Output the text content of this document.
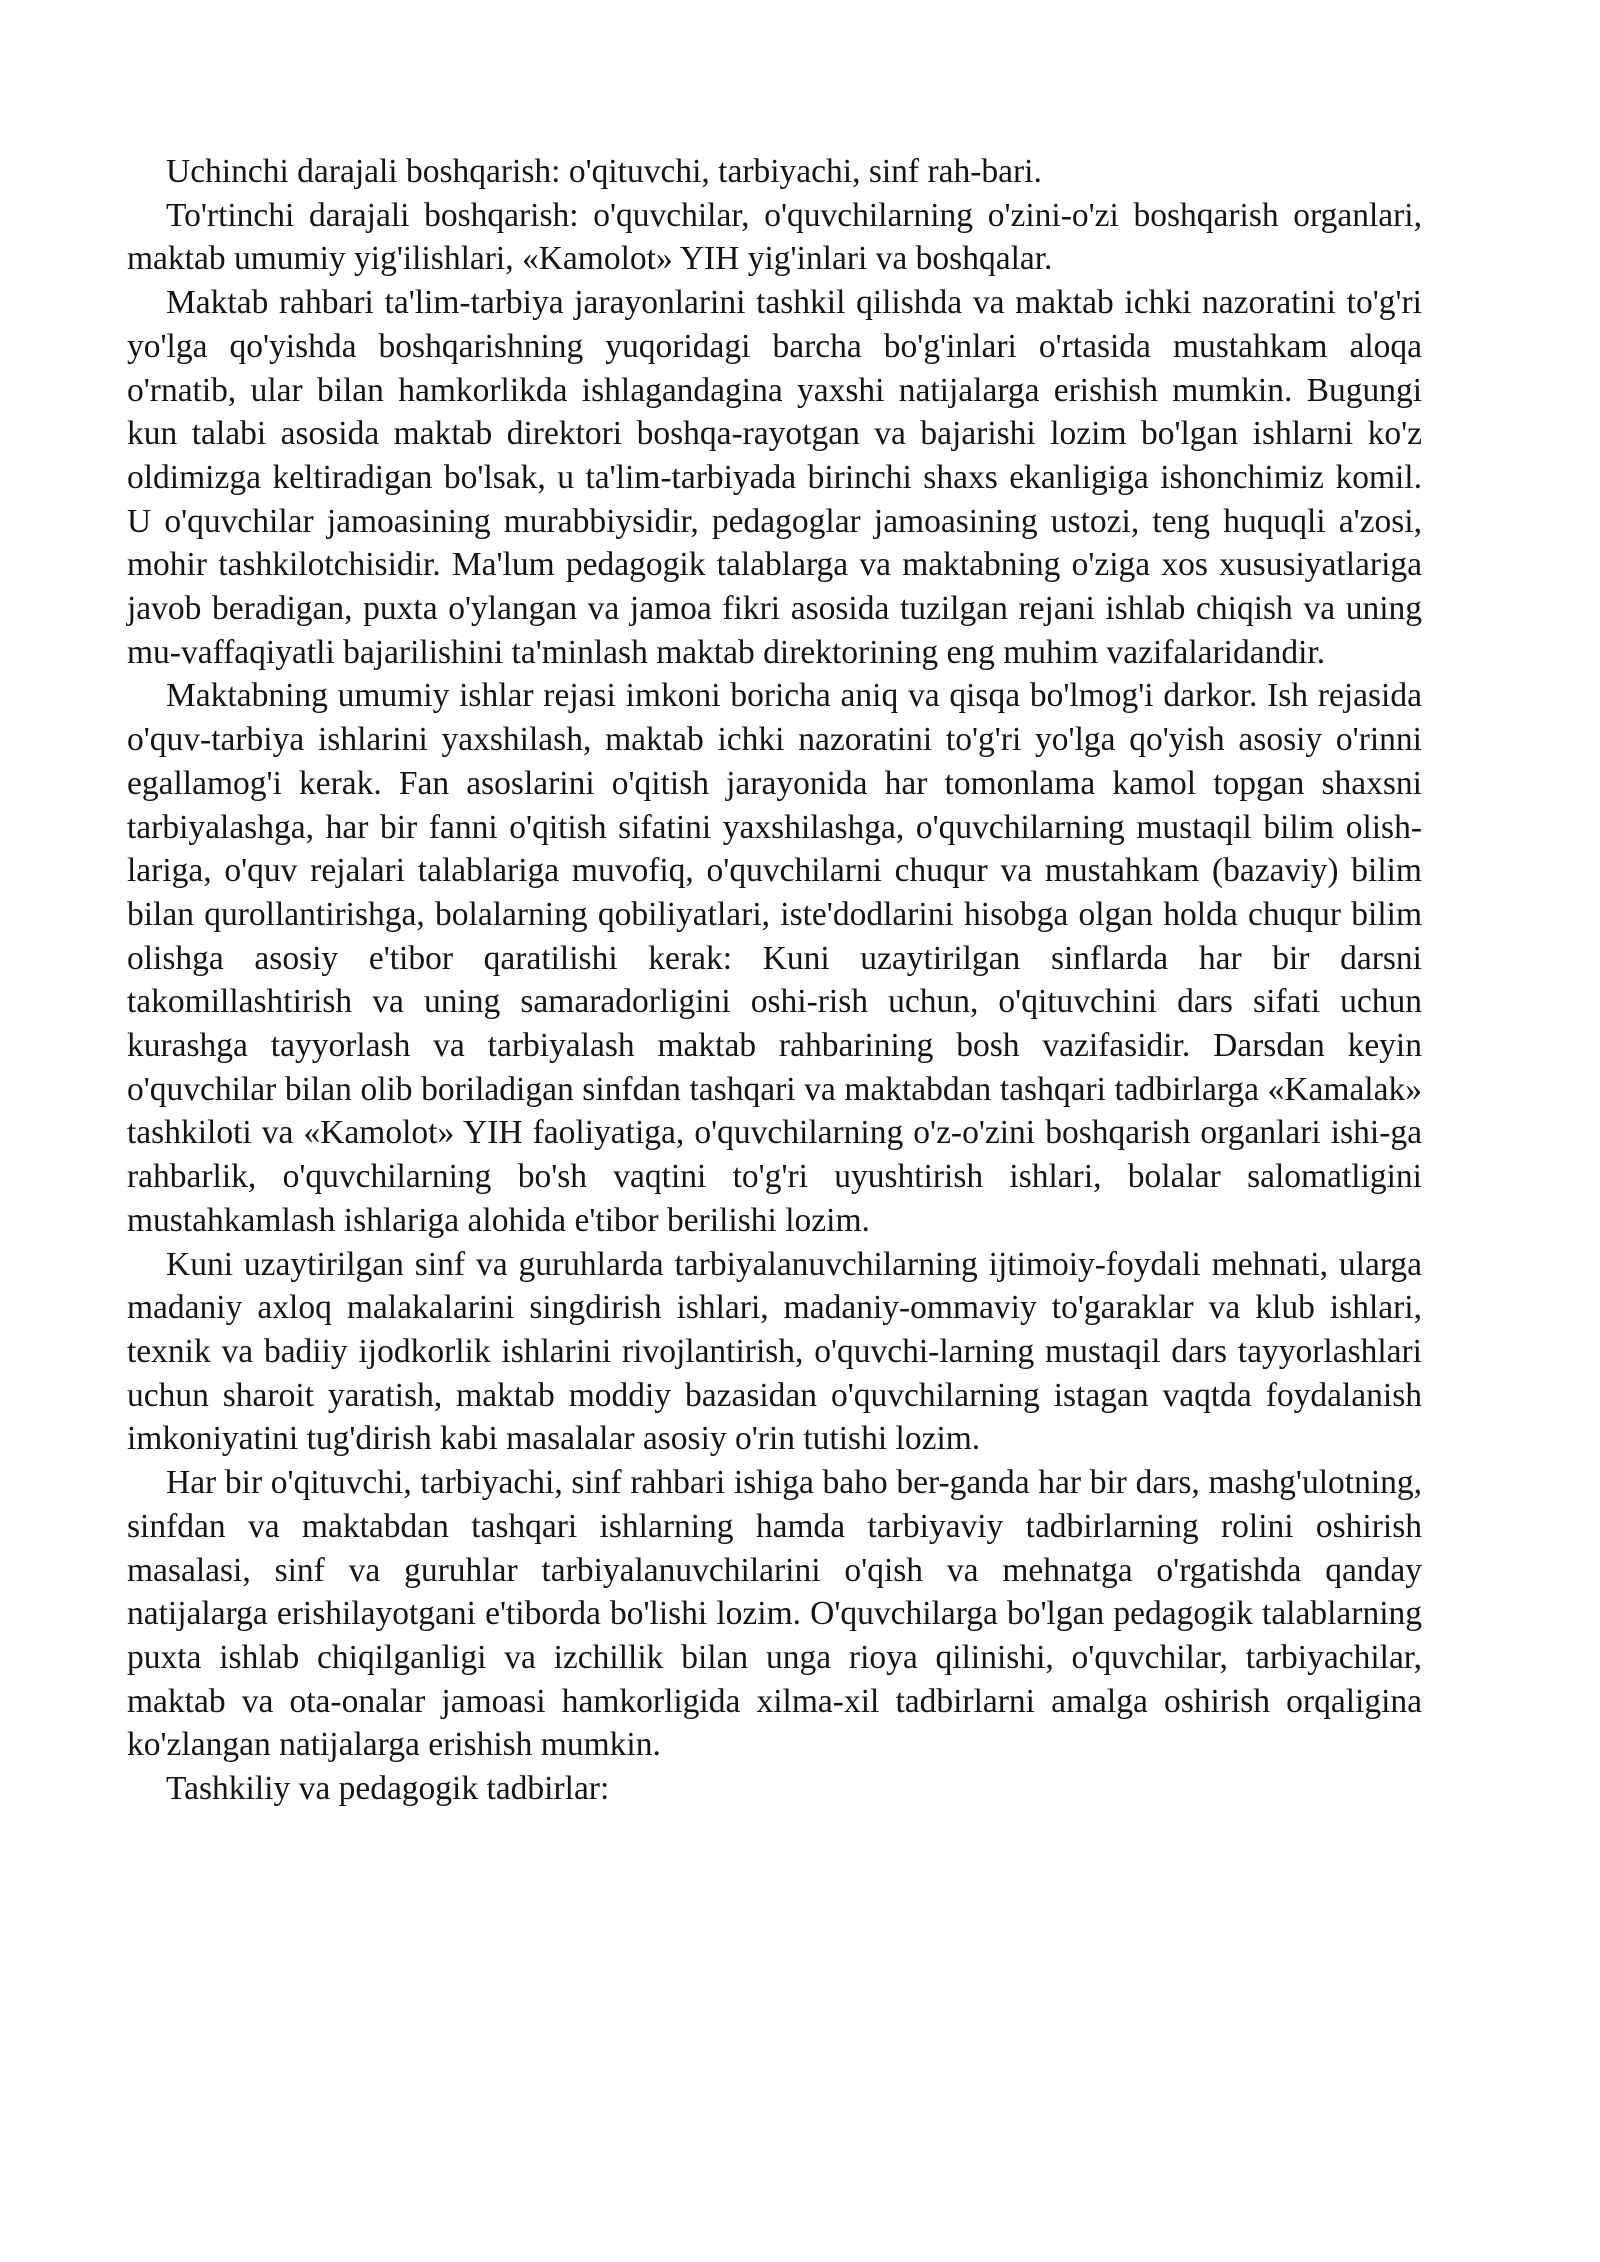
Uchinchi darajali boshqarish: o'qituvchi, tarbiyachi, sinf rah-bari.

To'rtinchi darajali boshqarish: o'quvchilar, o'quvchilarning o'zini-o'zi boshqarish organlari, maktab umumiy yig'ilishlari, «Kamolot» YIH yig'inlari va boshqalar.

Maktab rahbari ta'lim-tarbiya jarayonlarini tashkil qilishda va maktab ichki nazoratini to'g'ri yo'lga qo'yishda boshqarishning yuqoridagi barcha bo'g'inlari o'rtasida mustahkam aloqa o'rnatib, ular bilan hamkorlikda ishlagandagina yaxshi natijalarga erishish mumkin. Bugungi kun talabi asosida maktab direktori boshqa-rayotgan va bajarishi lozim bo'lgan ishlarni ko'z oldimizga keltiradigan bo'lsak, u ta'lim-tarbiyada birinchi shaxs ekanligiga ishonchimiz komil. U o'quvchilar jamoasining murabbiysidir, pedagoglar jamoasining ustozi, teng huquqli a'zosi, mohir tashkilotchisidir. Ma'lum pedagogik talablarga va maktabning o'ziga xos xususiyatlariga javob beradigan, puxta o'ylangan va jamoa fikri asosida tuzilgan rejani ishlab chiqish va uning mu-vaffaqiyatli bajarilishini ta'minlash maktab direktorining eng muhim vazifalaridandir.

Maktabning umumiy ishlar rejasi imkoni boricha aniq va qisqa bo'lmog'i darkor. Ish rejasida o'quv-tarbiya ishlarini yaxshilash, maktab ichki nazoratini to'g'ri yo'lga qo'yish asosiy o'rinni egallamog'i kerak. Fan asoslarini o'qitish jarayonida har tomonlama kamol topgan shaxsni tarbiyalashga, har bir fanni o'qitish sifatini yaxshilashga, o'quvchilarning mustaqil bilim olish-lariga, o'quv rejalari talablariga muvofiq, o'quvchilarni chuqur va mustahkam (bazaviy) bilim bilan qurollantirishga, bolalarning qobiliyatlari, iste'dodlarini hisobga olgan holda chuqur bilim olishga asosiy e'tibor qaratilishi kerak: Kuni uzaytirilgan sinflarda har bir darsni takomillashtirish va uning samaradorligini oshi-rish uchun, o'qituvchini dars sifati uchun kurashga tayyorlash va tarbiyalash maktab rahbarining bosh vazifasidir. Darsdan keyin o'quvchilar bilan olib boriladigan sinfdan tashqari va maktabdan tashqari tadbirlarga «Kamalak» tashkiloti va «Kamolot» YIH faoliyatiga, o'quvchilarning o'z-o'zini boshqarish organlari ishi-ga rahbarlik, o'quvchilarning bo'sh vaqtini to'g'ri uyushtirish ishlari, bolalar salomatligini mustahkamlash ishlariga alohida e'tibor berilishi lozim.

Kuni uzaytirilgan sinf va guruhlarda tarbiyalanuvchilarning ijtimoiy-foydali mehnati, ularga madaniy axloq malakalarini singdirish ishlari, madaniy-ommaviy to'garaklar va klub ishlari, texnik va badiiy ijodkorlik ishlarini rivojlantirish, o'quvchi-larning mustaqil dars tayyorlashlari uchun sharoit yaratish, maktab moddiy bazasidan o'quvchilarning istagan vaqtda foydalanish imkoniyatini tug'dirish kabi masalalar asosiy o'rin tutishi lozim.

Har bir o'qituvchi, tarbiyachi, sinf rahbari ishiga baho ber-ganda har bir dars, mashg'ulotning, sinfdan va maktabdan tashqari ishlarning hamda tarbiyaviy tadbirlarning rolini oshirish masalasi, sinf va guruhlar tarbiyalanuvchilarini o'qish va mehnatga o'rgatishda qanday natijalarga erishilayotgani e'tiborda bo'lishi lozim. O'quvchilarga bo'lgan pedagogik talablarning puxta ishlab chiqilganligi va izchillik bilan unga rioya qilinishi, o'quvchilar, tarbiyachilar, maktab va ota-onalar jamoasi hamkorligida xilma-xil tadbirlarni amalga oshirish orqaligina ko'zlangan natijalarga erishish mumkin.

Tashkiliy va pedagogik tadbirlar:
